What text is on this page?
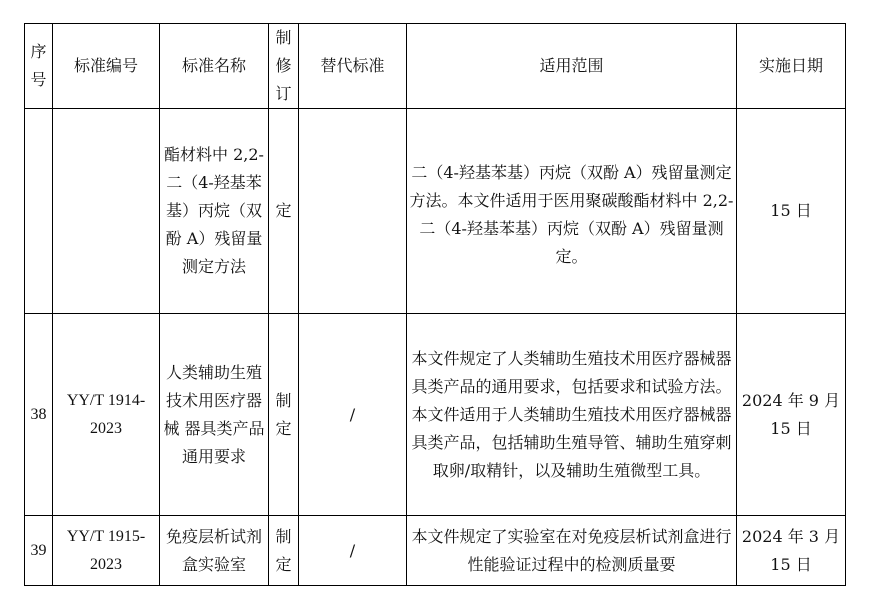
序号	标准编号	标准名称	制修订	替代标准	适用范围	实施日期
		酯材料中 2,2-二（4-羟基苯基）丙烷（双酚 A）残留量测定方法	定		二（4-羟基苯基）丙烷（双酚 A）残留量测定方法。本文件适用于医用聚碳酸酯材料中 2,2-二（4-羟基苯基）丙烷（双酚 A）残留量测定。	15 日
38	YY/T 1914-2023	人类辅助生殖技术用医疗器械 器具类产品通用要求	制定	/	本文件规定了人类辅助生殖技术用医疗器械器具类产品的通用要求，包括要求和试验方法。本文件适用于人类辅助生殖技术用医疗器械器具类产品，包括辅助生殖导管、辅助生殖穿刺取卵/取精针，以及辅助生殖微型工具。	2024 年 9 月 15 日
39	YY/T 1915-2023	免疫层析试剂盒实验室	制定	/	本文件规定了实验室在对免疫层析试剂盒进行性能验证过程中的检测质量要	2024 年 3 月 15 日
